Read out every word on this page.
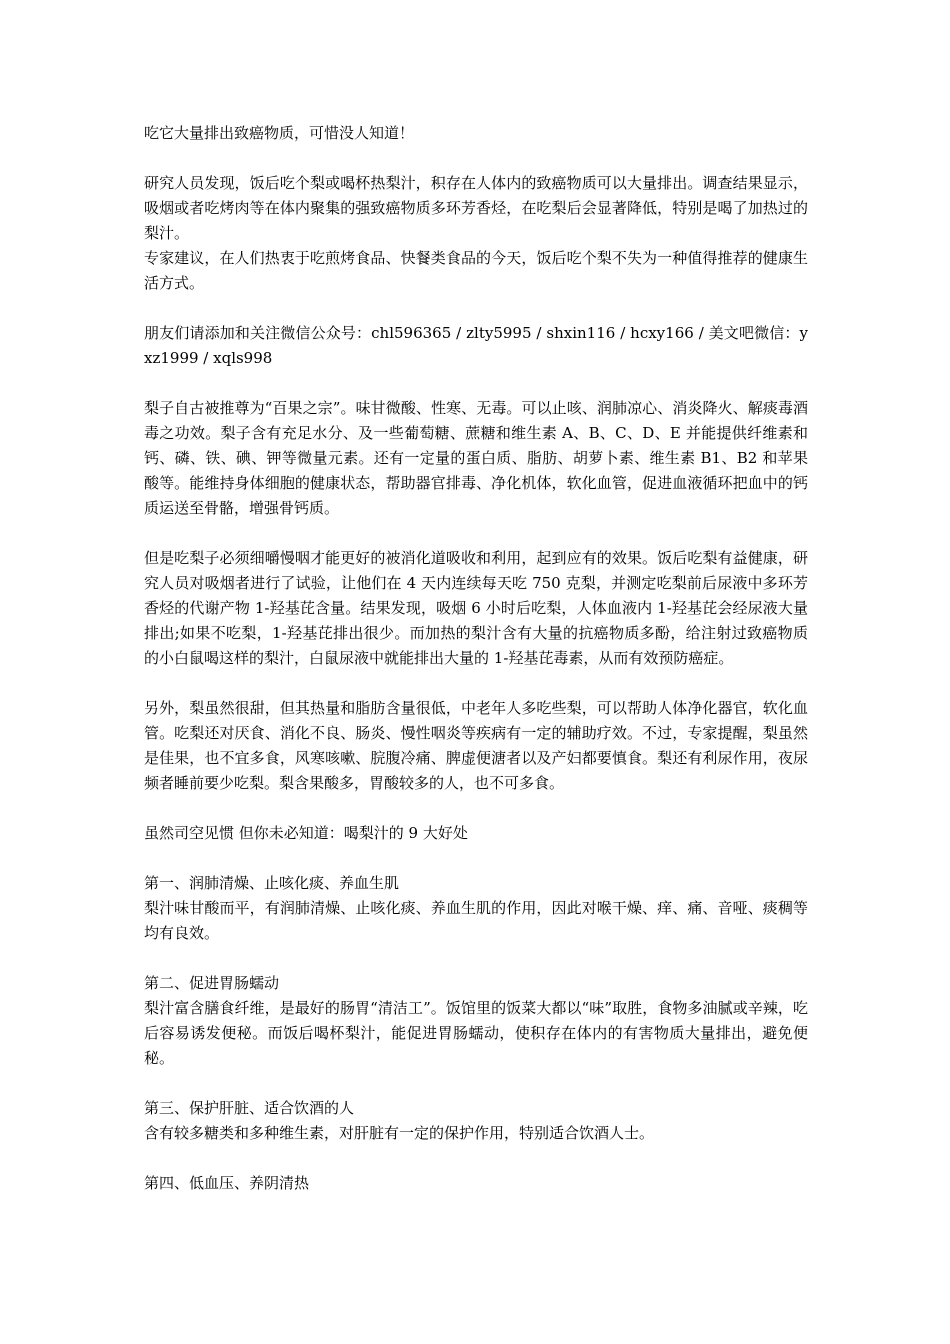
吃它大量排出致癌物质，可惜没人知道！

研究人员发现，饭后吃个梨或喝杯热梨汁，积存在人体内的致癌物质可以大量排出。调查结果显示，吸烟或者吃烤肉等在体内聚集的强致癌物质多环芳香烃，在吃梨后会显著降低，特别是喝了加热过的梨汁。

专家建议，在人们热衷于吃煎烤食品、快餐类食品的今天，饭后吃个梨不失为一种值得推荐的健康生活方式。

朋友们请添加和关注微信公众号：chl596365 / zlty5995 / shxin116 / hcxy166 / 美文吧微信：yxz1999 / xqls998

梨子自古被推尊为“百果之宗”。味甘微酸、性寒、无毒。可以止咳、润肺凉心、消炎降火、解痰毒酒毒之功效。梨子含有充足水分、及一些葡萄糖、蔗糖和维生素 A、B、C、D、E 并能提供纤维素和钙、磷、铁、碘、钾等微量元素。还有一定量的蛋白质、脂肪、胡萝卜素、维生素 B1、B2 和苹果酸等。能维持身体细胞的健康状态，帮助器官排毒、净化机体，软化血管，促进血液循环把血中的钙质运送至骨骼，增强骨钙质。

但是吃梨子必须细嚼慢咽才能更好的被消化道吸收和利用，起到应有的效果。饭后吃梨有益健康，研究人员对吸烟者进行了试验，让他们在 4 天内连续每天吃 750 克梨，并测定吃梨前后尿液中多环芳香烃的代谢产物 1-羟基芘含量。结果发现，吸烟 6 小时后吃梨，人体血液内 1-羟基芘会经尿液大量排出;如果不吃梨，1-羟基芘排出很少。而加热的梨汁含有大量的抗癌物质多酚，给注射过致癌物质的小白鼠喝这样的梨汁，白鼠尿液中就能排出大量的 1-羟基芘毒素，从而有效预防癌症。

另外，梨虽然很甜，但其热量和脂肪含量很低，中老年人多吃些梨，可以帮助人体净化器官，软化血管。吃梨还对厌食、消化不良、肠炎、慢性咽炎等疾病有一定的辅助疗效。不过，专家提醒，梨虽然是佳果，也不宜多食，风寒咳嗽、脘腹冷痛、脾虚便溏者以及产妇都要慎食。梨还有利尿作用，夜尿频者睡前要少吃梨。梨含果酸多，胃酸较多的人，也不可多食。

虽然司空见惯 但你未必知道：喝梨汁的 9 大好处

第一、润肺清燥、止咳化痰、养血生肌

梨汁味甘酸而平，有润肺清燥、止咳化痰、养血生肌的作用，因此对喉干燥、痒、痛、音哑、痰稠等均有良效。

第二、促进胃肠蠕动

梨汁富含膳食纤维，是最好的肠胃“清洁工”。饭馆里的饭菜大都以“味”取胜，食物多油腻或辛辣，吃后容易诱发便秘。而饭后喝杯梨汁，能促进胃肠蠕动，使积存在体内的有害物质大量排出，避免便秘。

第三、保护肝脏、适合饮酒的人

含有较多糖类和多种维生素，对肝脏有一定的保护作用，特别适合饮酒人士。

第四、低血压、养阴清热
